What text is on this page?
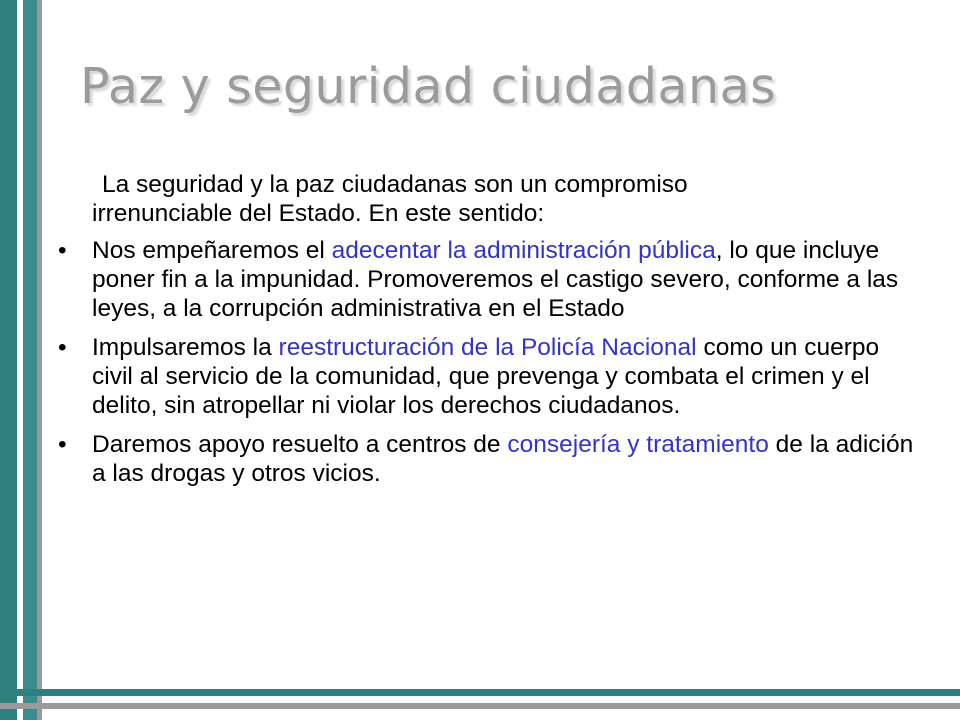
Paz y seguridad ciudadanas

La seguridad y la paz ciudadanas son un compromiso
irrenunciable del Estado. En este sentido:

• Nos empeñaremos el adecentar la administración pública, lo que incluye poner fin a la impunidad. Promoveremos el castigo severo, conforme a las leyes, a la corrupción administrativa en el Estado
• Impulsaremos la reestructuración de la Policía Nacional como un cuerpo civil al servicio de la comunidad, que prevenga y combata el crimen y el delito, sin atropellar ni violar los derechos ciudadanos.
• Daremos apoyo resuelto a centros de consejería y tratamiento de la adición a las drogas y otros vicios.
